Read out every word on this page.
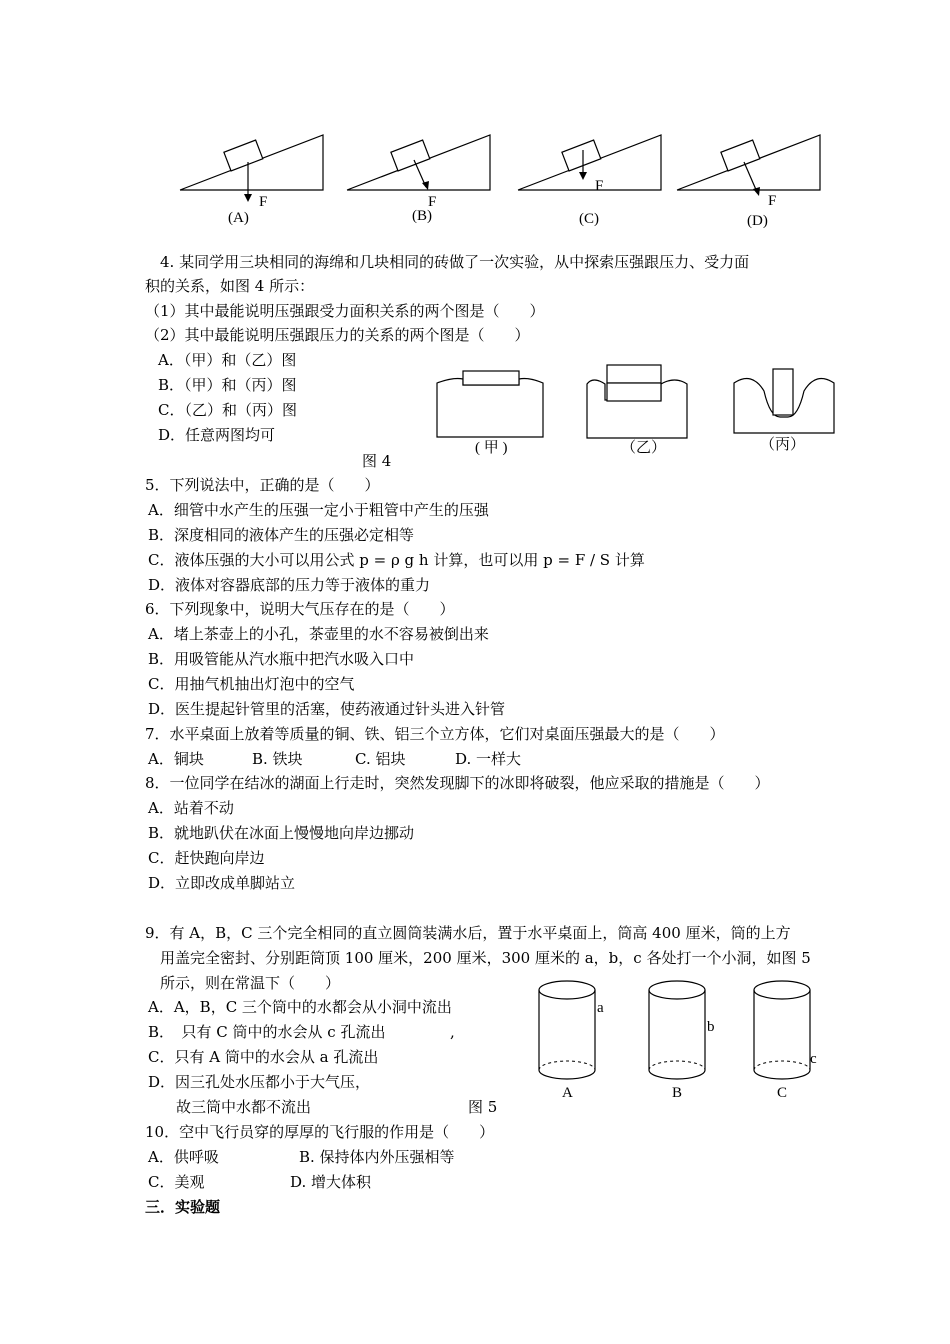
F
(A)
F
(B)
F
(C)
F
(D)
4. 某同学用三块相同的海绵和几块相同的砖做了一次实验，从中探索压强跟压力、受力面
积的关系，如图 4 所示：
（1）其中最能说明压强跟受力面积关系的两个图是（　　）
（2）其中最能说明压强跟压力的关系的两个图是（　　）
A．（甲）和（乙）图
B．（甲）和（丙）图
C．（乙）和（丙）图
D．任意两图均可
图 4
( 甲 )	（乙）	（丙）
5．下列说法中，正确的是（　　）
A．细管中水产生的压强一定小于粗管中产生的压强
B．深度相同的液体产生的压强必定相等
C．液体压强的大小可以用公式 p = ρ g h 计算，也可以用 p = F / S 计算
D．液体对容器底部的压力等于液体的重力
6．下列现象中，说明大气压存在的是（　　）
A．堵上茶壶上的小孔，茶壶里的水不容易被倒出来
B．用吸管能从汽水瓶中把汽水吸入口中
C．用抽气机抽出灯泡中的空气
D．医生提起针管里的活塞，使药液通过针头进入针管
7．水平桌面上放着等质量的铜、铁、铝三个立方体，它们对桌面压强最大的是（　　）
A．铜块	B. 铁块	C. 铝块	D. 一样大
8．一位同学在结冰的湖面上行走时，突然发现脚下的冰即将破裂，他应采取的措施是（　　）
A．站着不动
B．就地趴伏在冰面上慢慢地向岸边挪动
C．赶快跑向岸边
D．立即改成单脚站立
9．有 A，B，C 三个完全相同的直立圆筒装满水后，置于水平桌面上，筒高 400 厘米，筒的上方
用盖完全密封、分别距筒顶 100 厘米，200 厘米，300 厘米的 a，b，c 各处打一个小洞，如图 5
所示，则在常温下（　　）
A．A，B，C 三个筒中的水都会从小洞中流出
B．　只有 C 筒中的水会从 c 孔流出	,
C．只有 A 筒中的水会从 a 孔流出
D．因三孔处水压都小于大气压，
故三筒中水都不流出	图 5
a
A
b
B
c
C
10．空中飞行员穿的厚厚的飞行服的作用是（　　）
A．供呼吸	B. 保持体内外压强相等
C．美观	D. 增大体积
三．实验题
